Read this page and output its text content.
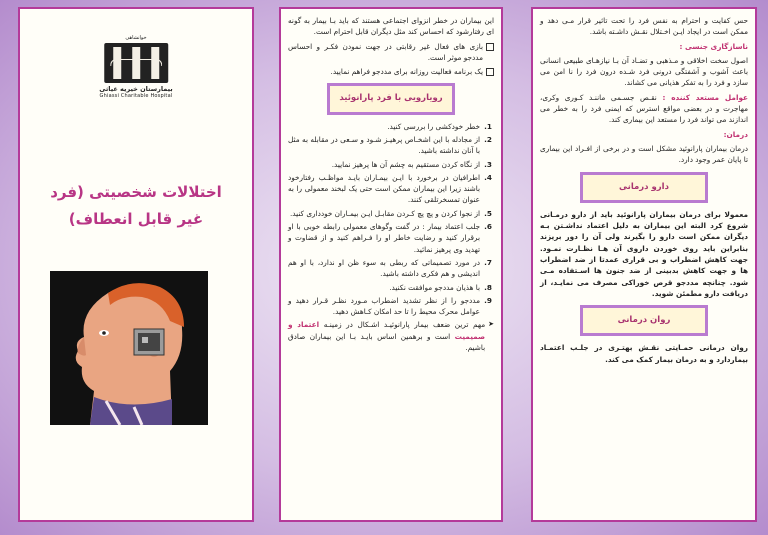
خوانشاهی
بیمارستان خیریه غیاثی
Ghiassi Charitable Hospital
اختلالات شخصیتی (فرد
غیر قابل انعطاف)

این بیماران در خطر انزوای اجتماعی هستند که باید بـا بیمار به گونه ای رفتارشود که احساس کند مثل دیگران قابل احترام است.

بازی های فعال غیر رقابتی در جهت نمودن فکـر و احساس مددجو موثر است.
یک برنامه فعالیت روزانه برای مددجو فراهم نمایید.
رویارویی با فرد پارانوئید
1.
خطر خودکشی را بررسی کنید.
2.
از مجادله با این اشخـاص پرهیـز شـود و سـعی در مقابله به مثل با آنان نداشته باشید.
3.
از نگاه کردن مستقیم به چشم آن ها پرهیز نمایید.
4.
اطرافیان در برخورد با ایـن بیمـاران بایـد مواظـب رفتارخود باشند زیرا این بیماران ممکن است حتی یک لبخند معمولی را به عنوان تمسخرتلقی کنند.
5.
از نجوا کردن و پچ پچ کـردن مقابـل ایـن بیمـاران خودداری کنید.
6.
جلب اعتماد بیمار : در گفت وگوهای معمولی رابطه خوبی با او برقرار کنید و رضایت خاطر او را فـراهم کنید و از قضاوت و تهدید وی پرهیز نمائید.
7.
در مورد تصمیماتی که ربطی به سوء ظن او ندارد، با او هم اندیشی و هم فکری داشته باشید.
8.
با هذیان مددجو موافقت نکنید.
9.
مددجو را از نظر تشدید اضطراب مـورد نظـر قـرار دهید و عوامل محرک محیط را تا حد امکان کـاهش دهید.
➤
مهم ترین ضعف بیمار پارانوئیـد اشـکال در زمینـه اعتماد و صمیمیت است و برهمین اساس بایـد بـا این بیماران صادق باشیم.

حس کفایت و احترام به نفس فرد را تحت تاثیر قرار مـی دهد و ممکن است در ایجاد ایـن اخـتلال نقـش داشـته باشد.

ناسازگاری جنسی :

اصول سخت اخلاقی و مـذهبی و تضـاد آن بـا نیازهـای طبیعی انسانی باعث آشوب و آشفتگی درونی فرد شـده درون فرد را نا امن می سازد و فرد را به تفکر هذیانی می کشاند.

عوامل مستعد کننده : نقـص جسـمی ماننـد کـوری وکری، مهاجرت و در بعضی مواقع استرس که ایمنی فرد را به خطر می اندازند می تواند فرد را مستعد این بیماری کند.

درمان:

درمان بیماران پارانوئید مشکل است و در برخی از افـراد این بیماری تا پایان عمر وجود دارد.

دارو درمانی

معمولا برای درمان بیماران پارانوئید باید از دارو درمـانی شروع کرد البته این بیماران به دلیل اعتماد نداشـتن بـه دیگران ممکن است دارو را بگیرند ولی آن را دور بریزند بنابراین باید روی خوردن داروی آن هـا نظـارت نمـود. جهت کاهش اضطراب و بی قراری عمدتا از ضد اضطراب ها و جهت کاهش بدبینی از ضد جنون ها اسـتفاده مـی شود. چنانچه مددجو قرص خوراکی مصرف می نمایـد، از دریافت دارو مطمئن شوید.

روان درمانی

روان درمانی حمـایتی نقـش بهتـری در جلـب اعتمـاد بیماردارد و به درمان بیمار کمک می کند.
